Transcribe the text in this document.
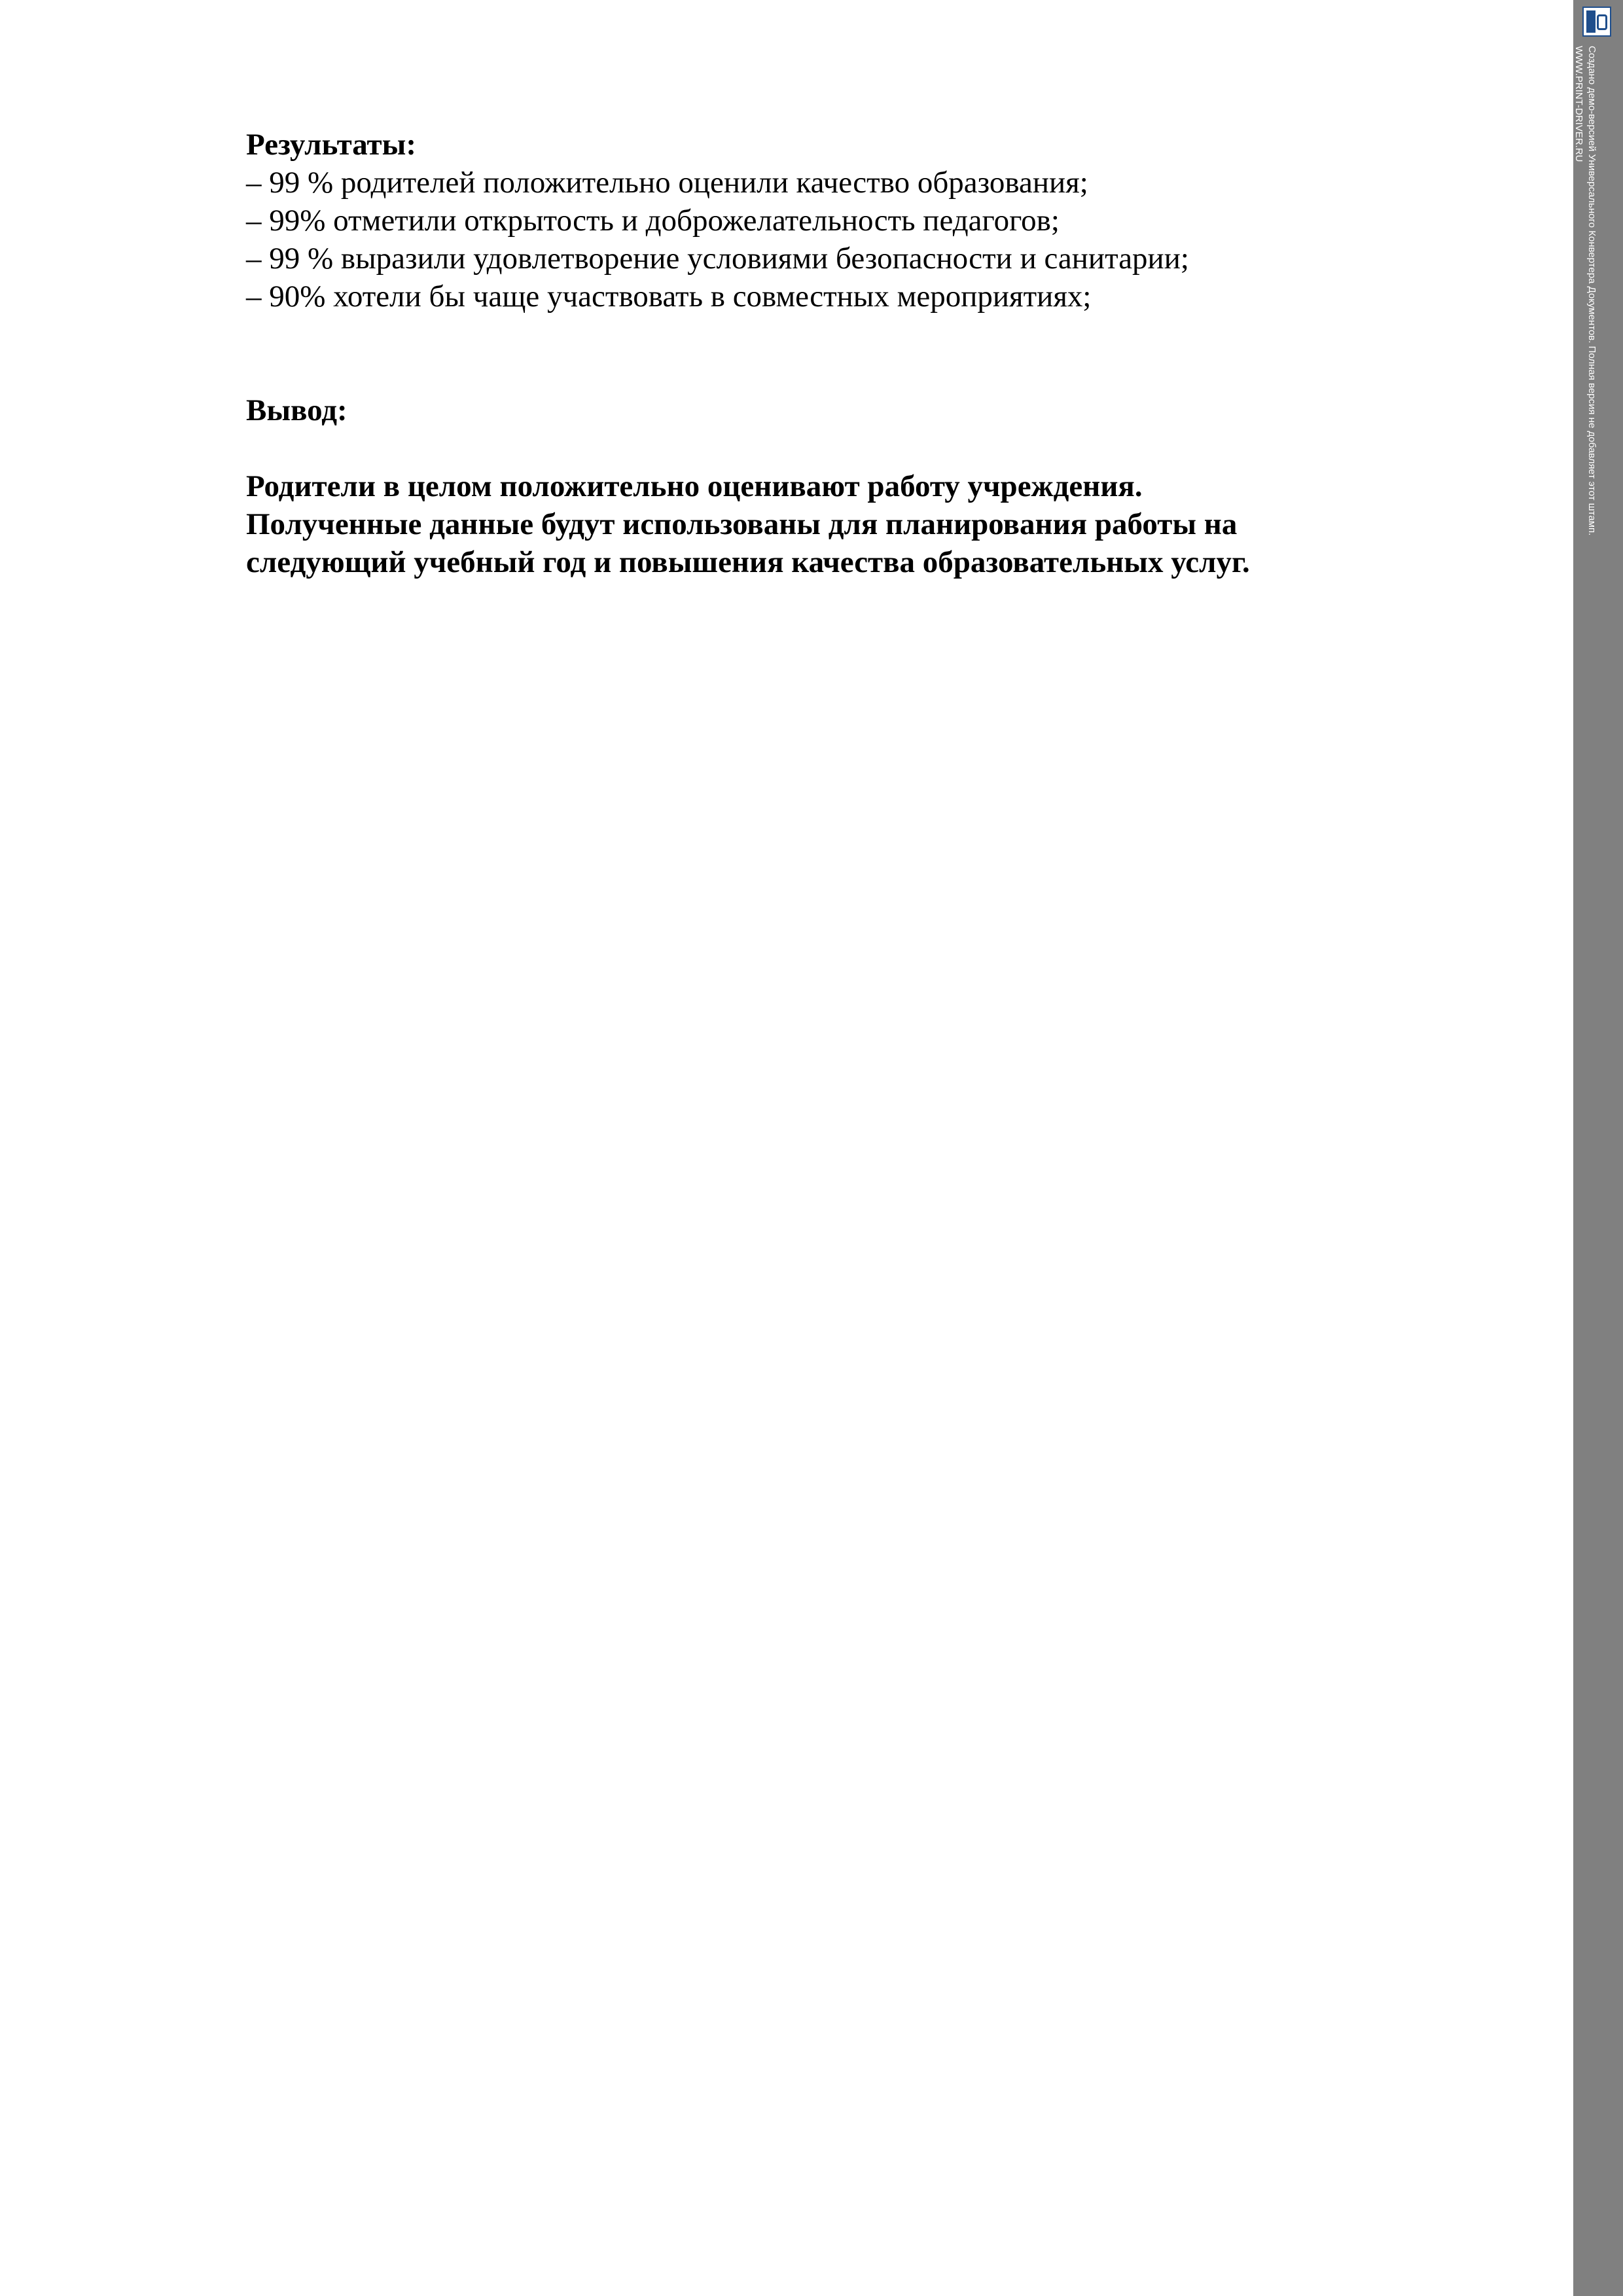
Результаты:

– 99 % родителей положительно оценили качество образования;
– 99% отметили открытость и доброжелательность педагогов;
– 99 % выразили удовлетворение условиями безопасности и санитарии;
– 90% хотели бы чаще участвовать в совместных мероприятиях;

Вывод:

Родители в целом положительно оценивают работу учреждения.
Полученные данные будут использованы для планирования работы на
следующий учебный год и повышения качества образовательных услуг.

Создано демо-версией Универсального Конвертера Документов. Полная версия не добавляет этот штамп.
WWW.PRINT-DRIVER.RU
